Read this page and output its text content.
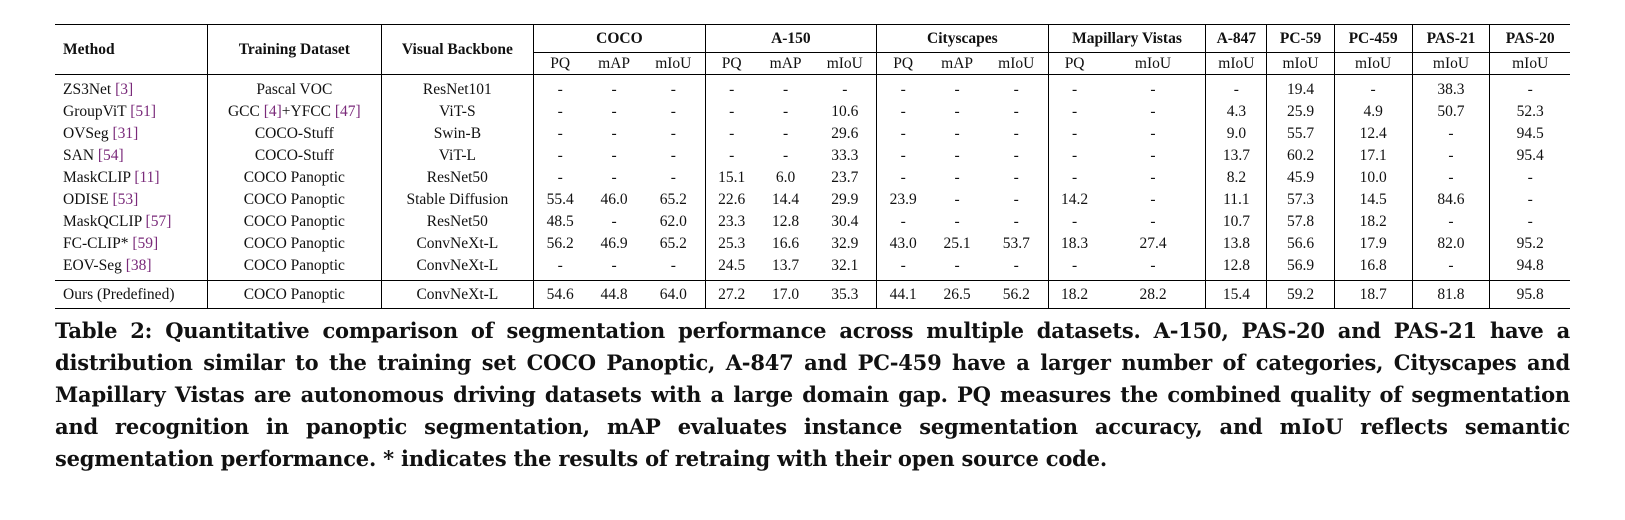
Method	Training Dataset	Visual Backbone	COCO			A-150			Cityscapes			Mapillary Vistas		A-847	PC-59	PC-459	PAS-21	PAS-20
			PQ	mAP	mIoU	PQ	mAP	mIoU	PQ	mAP	mIoU	PQ	mIoU	mIoU	mIoU	mIoU	mIoU	mIoU
ZS3Net [3]	Pascal VOC	ResNet101	-	-	-	-	-	-	-	-	-	-	-	-	19.4	-	38.3	-
GroupViT [51]	GCC [4]+YFCC [47]	ViT-S	-	-	-	-	-	10.6	-	-	-	-	-	4.3	25.9	4.9	50.7	52.3
OVSeg [31]	COCO-Stuff	Swin-B	-	-	-	-	-	29.6	-	-	-	-	-	9.0	55.7	12.4	-	94.5
SAN [54]	COCO-Stuff	ViT-L	-	-	-	-	-	33.3	-	-	-	-	-	13.7	60.2	17.1	-	95.4
MaskCLIP [11]	COCO Panoptic	ResNet50	-	-	-	15.1	6.0	23.7	-	-	-	-	-	8.2	45.9	10.0	-	-
ODISE [53]	COCO Panoptic	Stable Diffusion	55.4	46.0	65.2	22.6	14.4	29.9	23.9	-	-	14.2	-	11.1	57.3	14.5	84.6	-
MaskQCLIP [57]	COCO Panoptic	ResNet50	48.5	-	62.0	23.3	12.8	30.4	-	-	-	-	-	10.7	57.8	18.2	-	-
FC-CLIP* [59]	COCO Panoptic	ConvNeXt-L	56.2	46.9	65.2	25.3	16.6	32.9	43.0	25.1	53.7	18.3	27.4	13.8	56.6	17.9	82.0	95.2
EOV-Seg [38]	COCO Panoptic	ConvNeXt-L	-	-	-	24.5	13.7	32.1	-	-	-	-	-	12.8	56.9	16.8	-	94.8
Ours (Predefined)	COCO Panoptic	ConvNeXt-L	54.6	44.8	64.0	27.2	17.0	35.3	44.1	26.5	56.2	18.2	28.2	15.4	59.2	18.7	81.8	95.8
Table 2: Quantitative comparison of segmentation performance across multiple datasets. A-150, PAS-20 and PAS-21 have a distribution similar to the training set COCO Panoptic, A-847 and PC-459 have a larger number of categories, Cityscapes and Mapillary Vistas are autonomous driving datasets with a large domain gap. PQ measures the combined quality of segmentation and recognition in panoptic segmentation, mAP evaluates instance segmentation accuracy, and mIoU reflects semantic segmentation performance. * indicates the results of retraing with their open source code.
